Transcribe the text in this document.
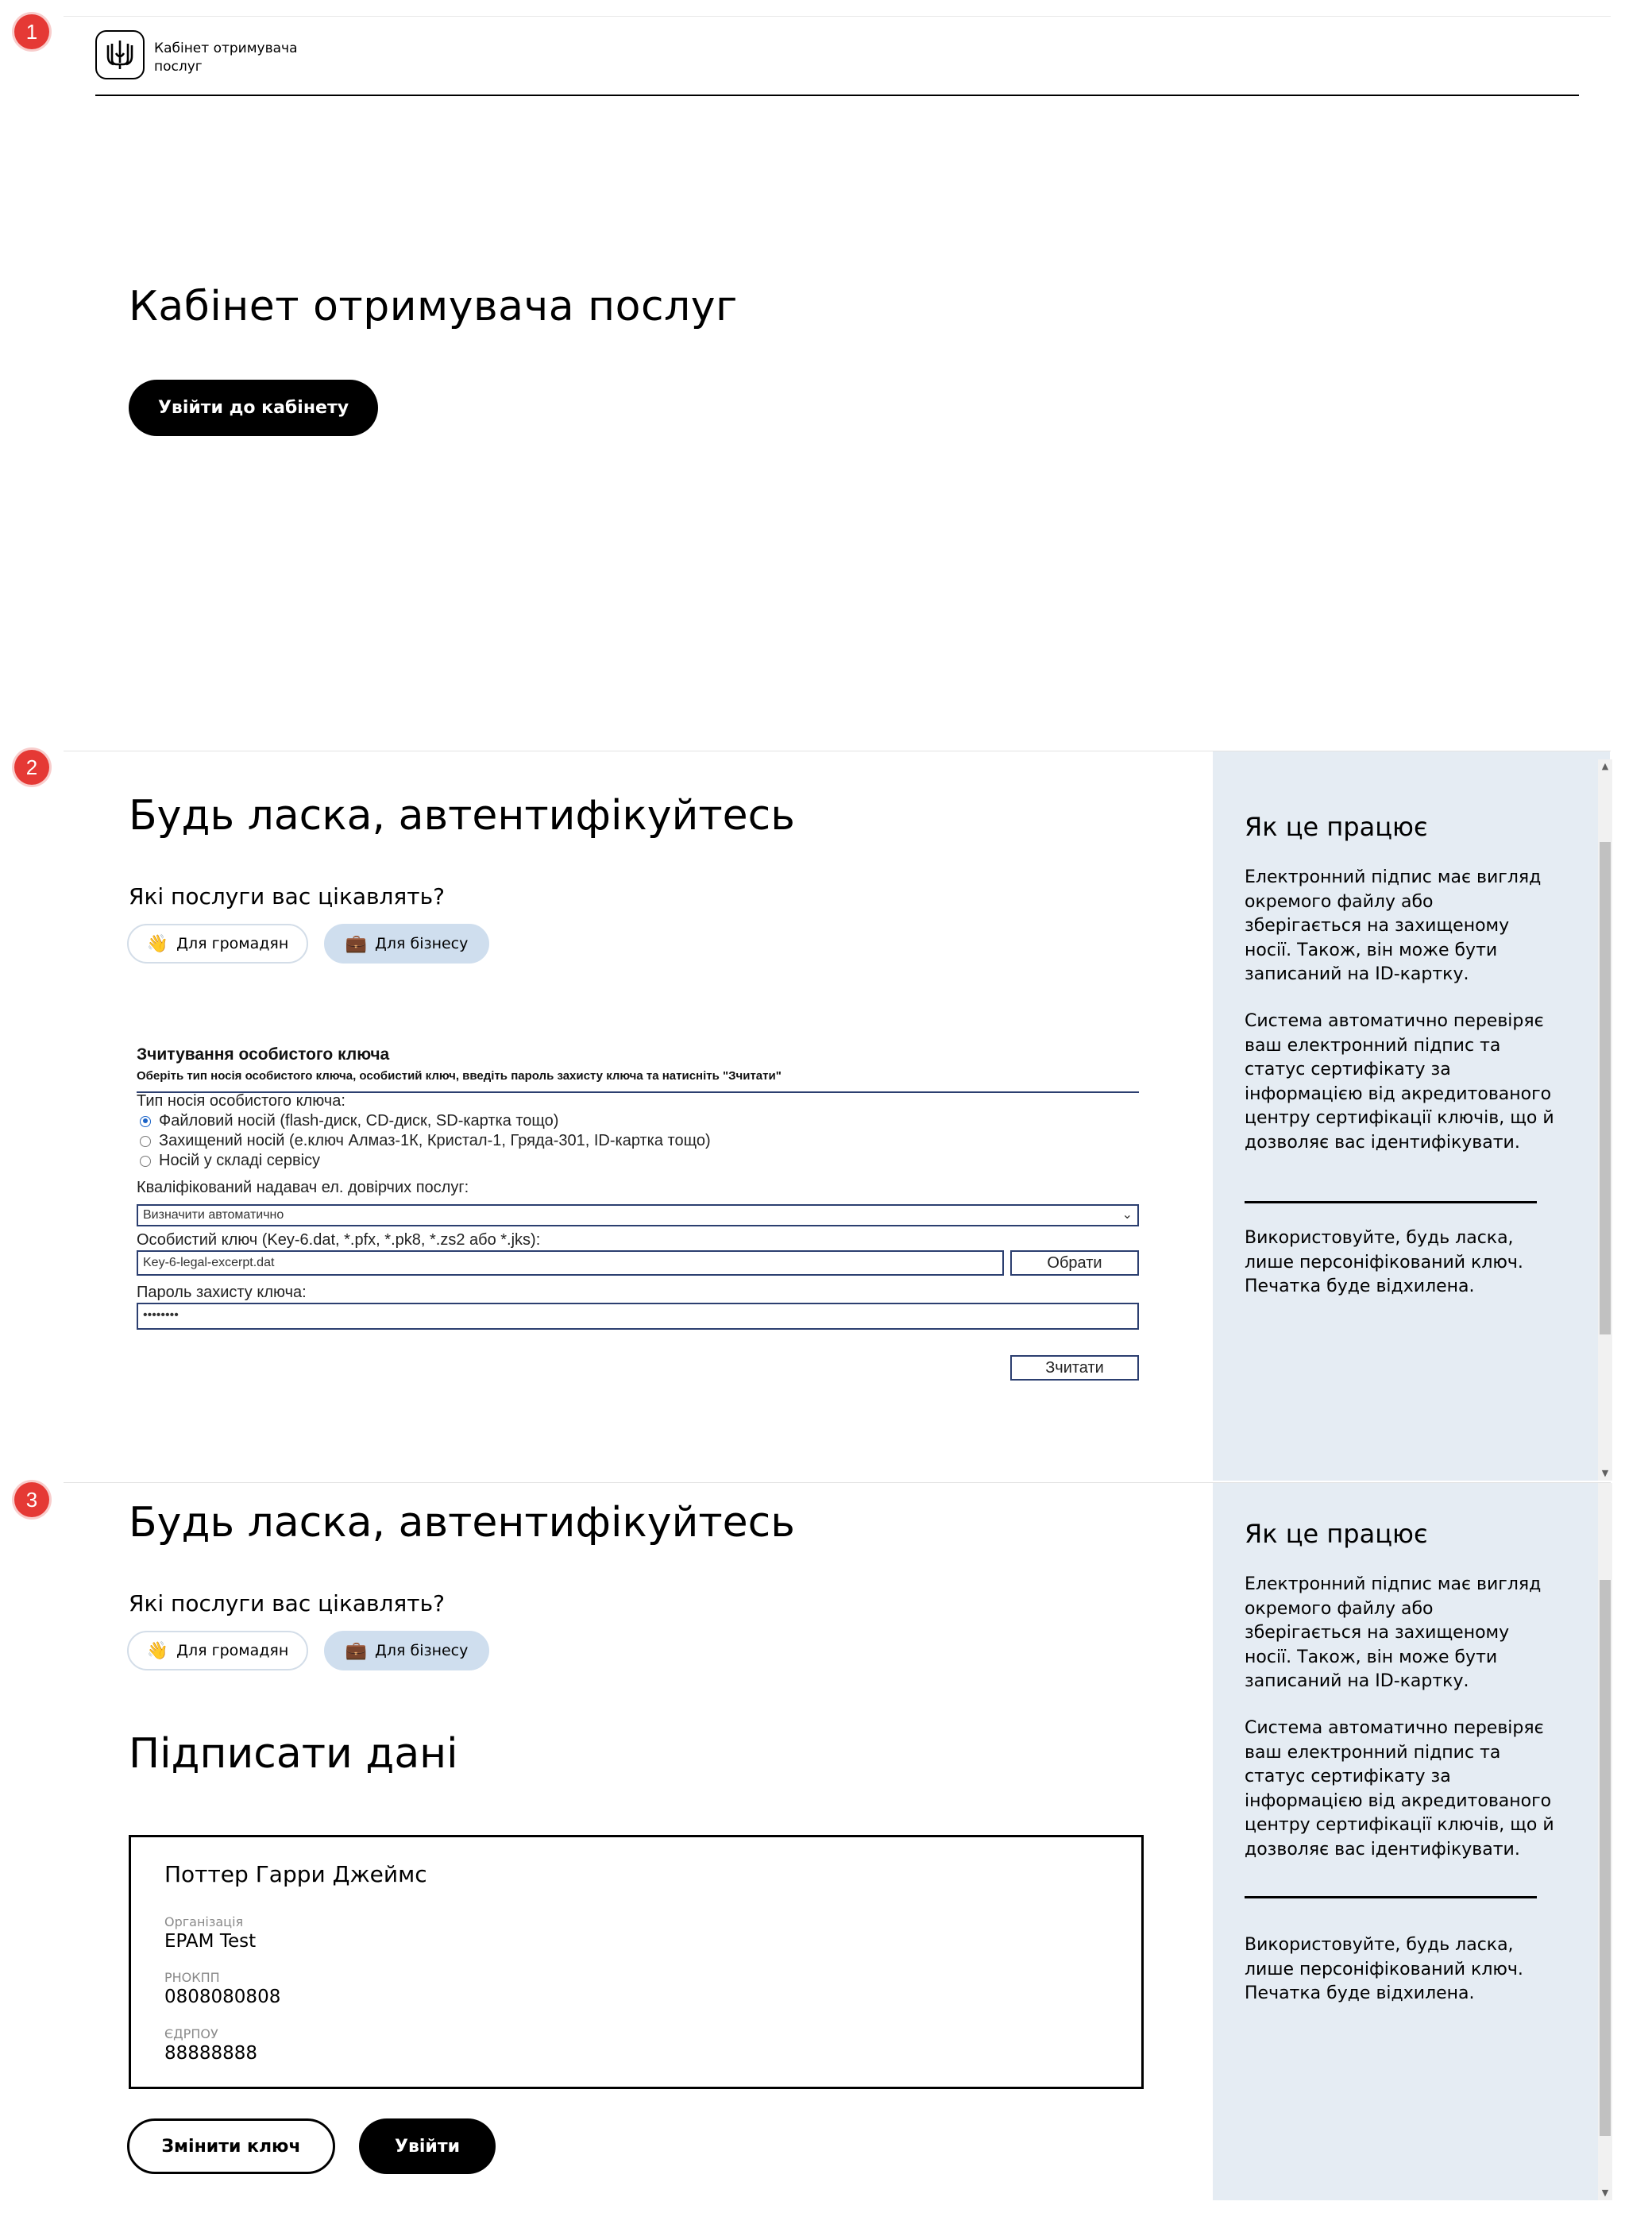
1
Кабінет отримувача послуг
Кабінет отримувача послуг
Увійти до кабінету
2
Будь ласка, автентифікуйтесь
Які послуги вас цікавлять?
👋 Для громадян	💼 Для бізнесу
Зчитування особистого ключа
Оберіть тип носія особистого ключа, особистий ключ, введіть пароль захисту ключа та натисніть "Зчитати"
Тип носія особистого ключа:
Файловий носій (flash-диск, CD-диск, SD-картка тощо)
Захищений носій (е.ключ Алмаз-1К, Кристал-1, Гряда-301, ID-картка тощо)
Носій у складі сервісу
Кваліфікований надавач ел. довірчих послуг:
Визначити автоматично	⌄
Особистий ключ (Key-6.dat, *.pfx, *.pk8, *.zs2 або *.jks):
Key-6-legal-excerpt.dat	Обрати
Пароль захисту ключа:
••••••••
Зчитати
Як це працює

Електронний підпис має вигляд окремого файлу або зберігається на захищеному носії. Також, він може бути записаний на ID-картку.

Система автоматично перевіряє ваш електронний підпис та статус сертифікату за інформацією від акредитованого центру сертифікації ключів, що й дозволяє вас ідентифікувати.

Використовуйте, будь ласка, лише персоніфікований ключ. Печатка буде відхилена.

▲
▼
3 Будь ласка, автентифікуйтесь
Які послуги вас цікавлять?
👋 Для громадян	💼 Для бізнесу
Підписати дані
Поттер Гарри Джеймс
Організація
EPAM Test
РНОКПП
0808080808
ЄДРПОУ
88888888
Змінити ключ	Увійти
Як це працює

Електронний підпис має вигляд окремого файлу або зберігається на захищеному носії. Також, він може бути записаний на ID-картку.

Система автоматично перевіряє ваш електронний підпис та статус сертифікату за інформацією від акредитованого центру сертифікації ключів, що й дозволяє вас ідентифікувати.

Використовуйте, будь ласка, лише персоніфікований ключ. Печатка буде відхилена.

▼
